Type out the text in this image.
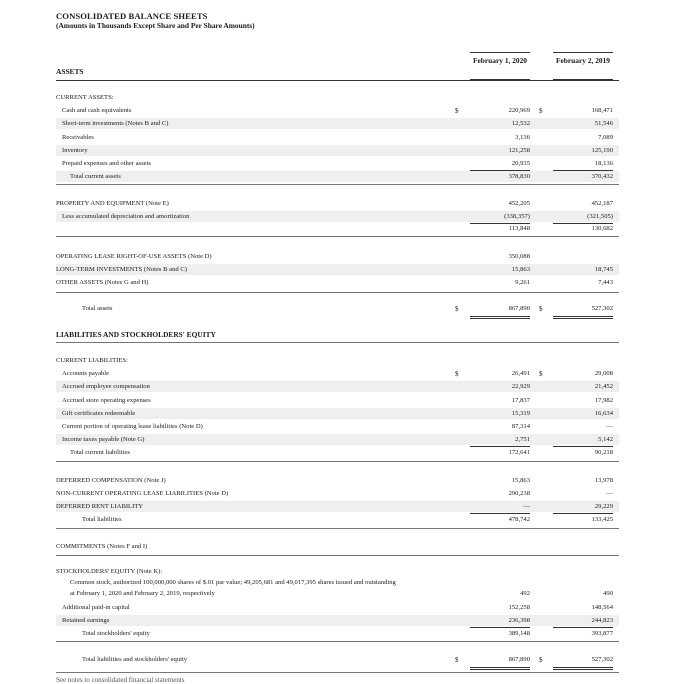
CONSOLIDATED BALANCE SHEETS
(Amounts in Thousands Except Share and Per Share Amounts)
February 1, 2020	February 2, 2019
ASSETS
CURRENT ASSETS:
Cash and cash equivalents	$	220,969 $	168,471
Short-term investments (Notes B and C)	12,532	51,546
Receivables	3,136	7,089
Inventory	121,258	125,190
Prepaid expenses and other assets	20,935	18,136
Total current assets	378,830	370,432
PROPERTY AND EQUIPMENT (Note E)	452,205	452,187
Less accumulated depreciation and amortization	(338,357)	(321,505)
113,848	130,682
OPERATING LEASE RIGHT-OF-USE ASSETS (Note D)	350,088
LONG-TERM INVESTMENTS (Notes B and C)	15,863	18,745
OTHER ASSETS (Notes G and H)	9,261	7,443
Total assets	$	867,890 $	527,302
LIABILITIES AND STOCKHOLDERS' EQUITY
CURRENT LIABILITIES:
Accounts payable	$	26,491 $	29,008
Accrued employee compensation	22,929	21,452
Accrued store operating expenses	17,837	17,982
Gift certificates redeemable	15,319	16,634
Current portion of operating lease liabilities (Note D)	87,314	—
Income taxes payable (Note G)	2,751	5,142
Total current liabilities	172,641	90,218
DEFERRED COMPENSATION (Note J)	15,863	13,978
NON-CURRENT OPERATING LEASE LIABILITIES (Note D)	290,238	—
DEFERRED RENT LIABILITY	—	29,229
Total liabilities	478,742	133,425
COMMITMENTS (Notes F and I)
STOCKHOLDERS' EQUITY (Note K):
Common stock, authorized 100,000,000 shares of $.01 par value; 49,205,681 and 49,017,395 shares issued and outstanding
at February 1, 2020 and February 2, 2019, respectively	492	490
Additional paid-in capital	152,258	148,564
Retained earnings	236,398	244,823
Total stockholders' equity	389,148	393,877
Total liabilities and stockholders' equity	$	867,890 $	527,302
See notes to consolidated financial statements
